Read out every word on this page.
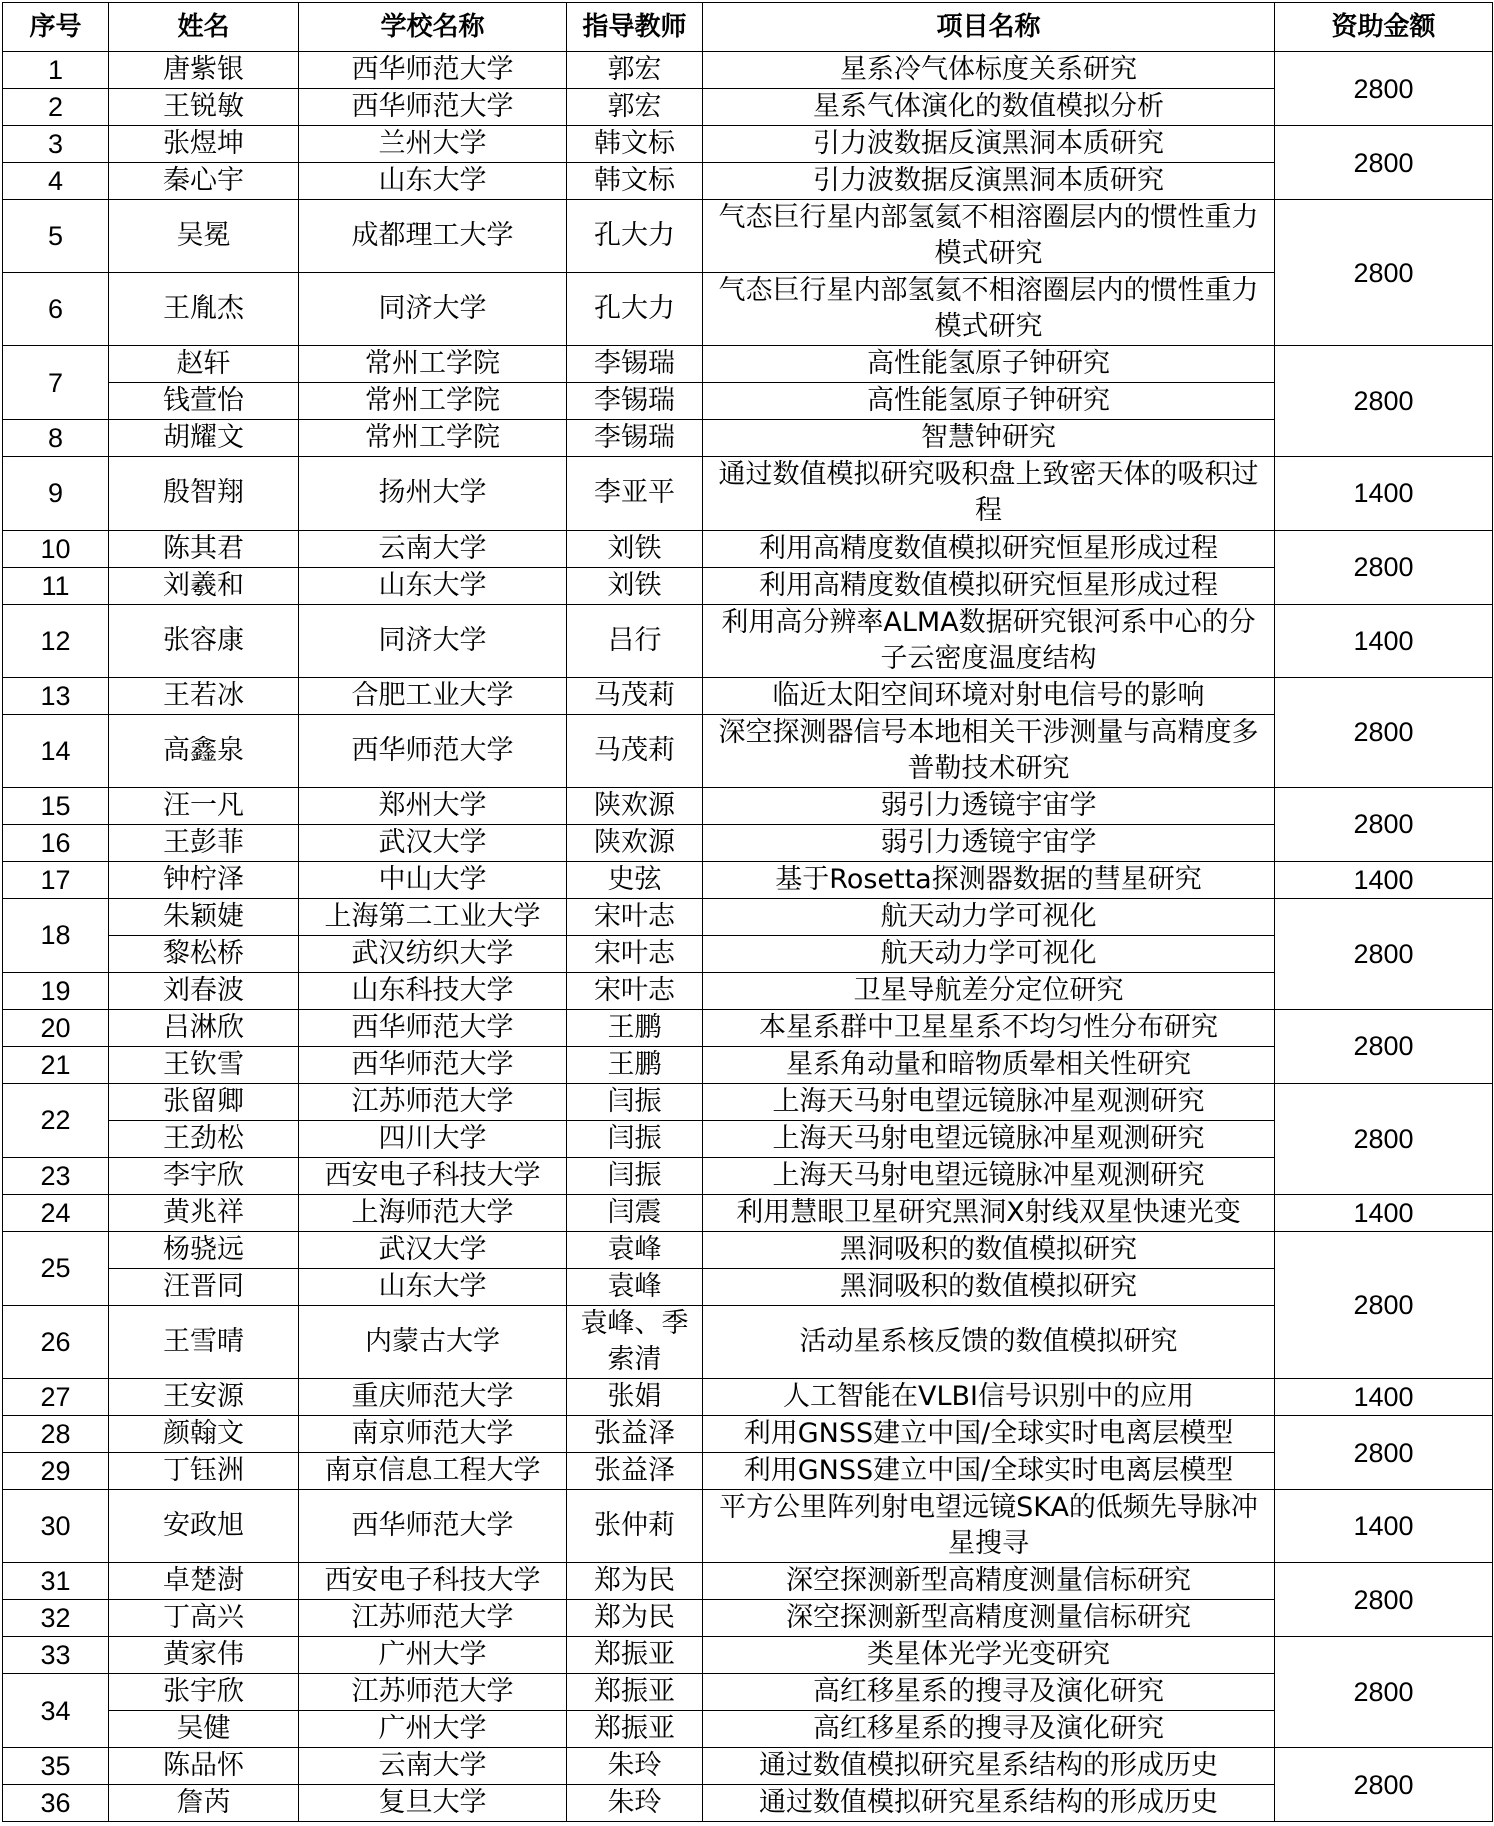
序号	姓名	学校名称	指导教师	项目名称	资助金额
1	唐紫银	西华师范大学	郭宏	星系冷气体标度关系研究	2800
2	王锐敏	西华师范大学	郭宏	星系气体演化的数值模拟分析	
3	张煜坤	兰州大学	韩文标	引力波数据反演黑洞本质研究	2800
4	秦心宇	山东大学	韩文标	引力波数据反演黑洞本质研究	
5	吴冕	成都理工大学	孔大力	气态巨行星内部氢氦不相溶圈层内的惯性重力模式研究	2800
6	王胤杰	同济大学	孔大力	气态巨行星内部氢氦不相溶圈层内的惯性重力模式研究	
7	赵轩	常州工学院	李锡瑞	高性能氢原子钟研究	2800
	钱萱怡	常州工学院	李锡瑞	高性能氢原子钟研究	
8	胡耀文	常州工学院	李锡瑞	智慧钟研究	
9	殷智翔	扬州大学	李亚平	通过数值模拟研究吸积盘上致密天体的吸积过程	1400
10	陈其君	云南大学	刘铁	利用高精度数值模拟研究恒星形成过程	2800
11	刘羲和	山东大学	刘铁	利用高精度数值模拟研究恒星形成过程	
12	张容康	同济大学	吕行	利用高分辨率ALMA数据研究银河系中心的分子云密度温度结构	1400
13	王若冰	合肥工业大学	马茂莉	临近太阳空间环境对射电信号的影响	2800
14	高鑫泉	西华师范大学	马茂莉	深空探测器信号本地相关干涉测量与高精度多普勒技术研究	
15	汪一凡	郑州大学	陕欢源	弱引力透镜宇宙学	2800
16	王彭菲	武汉大学	陕欢源	弱引力透镜宇宙学	
17	钟柠泽	中山大学	史弦	基于Rosetta探测器数据的彗星研究	1400
18	朱颖婕	上海第二工业大学	宋叶志	航天动力学可视化	2800
	黎松桥	武汉纺织大学	宋叶志	航天动力学可视化	
19	刘春波	山东科技大学	宋叶志	卫星导航差分定位研究	
20	吕淋欣	西华师范大学	王鹏	本星系群中卫星星系不均匀性分布研究	2800
21	王钦雪	西华师范大学	王鹏	星系角动量和暗物质晕相关性研究	
22	张留卿	江苏师范大学	闫振	上海天马射电望远镜脉冲星观测研究	2800
	王劲松	四川大学	闫振	上海天马射电望远镜脉冲星观测研究	
23	李宇欣	西安电子科技大学	闫振	上海天马射电望远镜脉冲星观测研究	
24	黄兆祥	上海师范大学	闫震	利用慧眼卫星研究黑洞X射线双星快速光变	1400
25	杨骁远	武汉大学	袁峰	黑洞吸积的数值模拟研究	2800
	汪晋同	山东大学	袁峰	黑洞吸积的数值模拟研究	
26	王雪晴	内蒙古大学	袁峰、季索清	活动星系核反馈的数值模拟研究	
27	王安源	重庆师范大学	张娟	人工智能在VLBI信号识别中的应用	1400
28	颜翰文	南京师范大学	张益泽	利用GNSS建立中国/全球实时电离层模型	2800
29	丁钰洲	南京信息工程大学	张益泽	利用GNSS建立中国/全球实时电离层模型	
30	安政旭	西华师范大学	张仲莉	平方公里阵列射电望远镜SKA的低频先导脉冲星搜寻	1400
31	卓楚澍	西安电子科技大学	郑为民	深空探测新型高精度测量信标研究	2800
32	丁高兴	江苏师范大学	郑为民	深空探测新型高精度测量信标研究	
33	黄家伟	广州大学	郑振亚	类星体光学光变研究	2800
34	张宇欣	江苏师范大学	郑振亚	高红移星系的搜寻及演化研究	
	吴健	广州大学	郑振亚	高红移星系的搜寻及演化研究	
35	陈品怀	云南大学	朱玲	通过数值模拟研究星系结构的形成历史	2800
36	詹芮	复旦大学	朱玲	通过数值模拟研究星系结构的形成历史	
